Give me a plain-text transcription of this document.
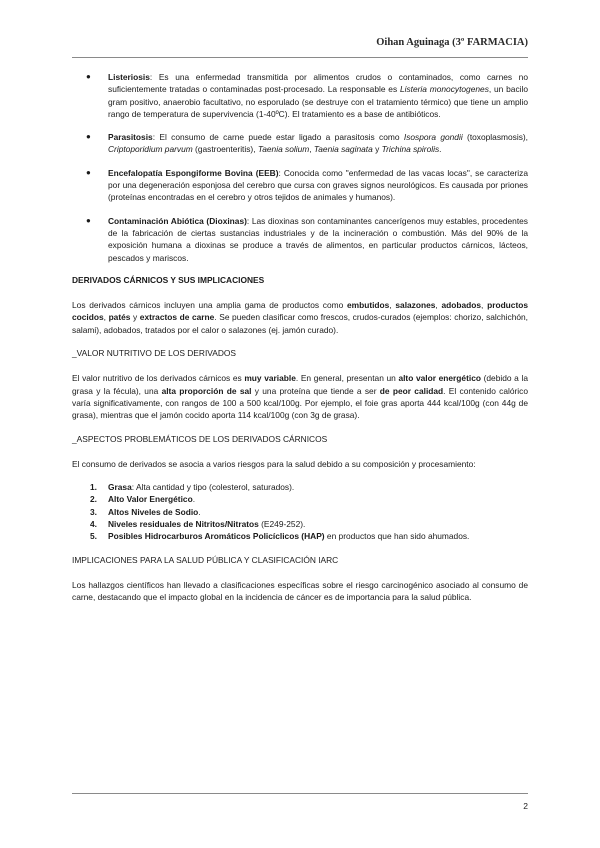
Oihan Aguinaga (3º FARMACIA)
● Listeriosis: Es una enfermedad transmitida por alimentos crudos o contaminados, como carnes no suficientemente tratadas o contaminadas post-procesado. La responsable es Listeria monocytogenes, un bacilo gram positivo, anaerobio facultativo, no esporulado (se destruye con el tratamiento térmico) que tiene un amplio rango de temperatura de supervivencia (1-40ºC). El tratamiento es a base de antibióticos.
● Parasitosis: El consumo de carne puede estar ligado a parasitosis como Isospora gondii (toxoplasmosis), Criptoporidium parvum (gastroenteritis), Taenia solium, Taenia saginata y Trichina spirolis.
● Encefalopatía Espongiforme Bovina (EEB): Conocida como "enfermedad de las vacas locas", se caracteriza por una degeneración esponjosa del cerebro que cursa con graves signos neurológicos. Es causada por priones (proteínas encontradas en el cerebro y otros tejidos de animales y humanos).
● Contaminación Abiótica (Dioxinas): Las dioxinas son contaminantes cancerígenos muy estables, procedentes de la fabricación de ciertas sustancias industriales y de la incineración o combustión. Más del 90% de la exposición humana a dioxinas se produce a través de alimentos, en particular productos cárnicos, lácteos, pescados y mariscos.
DERIVADOS CÁRNICOS Y SUS IMPLICACIONES

Los derivados cárnicos incluyen una amplia gama de productos como embutidos, salazones, adobados, productos cocidos, patés y extractos de carne. Se pueden clasificar como frescos, crudos-curados (ejemplos: chorizo, salchichón, salami), adobados, tratados por el calor o salazones (ej. jamón curado).

_VALOR NUTRITIVO DE LOS DERIVADOS

El valor nutritivo de los derivados cárnicos es muy variable. En general, presentan un alto valor energético (debido a la grasa y la fécula), una alta proporción de sal y una proteína que tiende a ser de peor calidad. El contenido calórico varía significativamente, con rangos de 100 a 500 kcal/100g. Por ejemplo, el foie gras aporta 444 kcal/100g (con 44g de grasa), mientras que el jamón cocido aporta 114 kcal/100g (con 3g de grasa).

_ASPECTOS PROBLEMÁTICOS DE LOS DERIVADOS CÁRNICOS

El consumo de derivados se asocia a varios riesgos para la salud debido a su composición y procesamiento:

1. Grasa: Alta cantidad y tipo (colesterol, saturados).
2. Alto Valor Energético.
3. Altos Niveles de Sodio.
4. Niveles residuales de Nitritos/Nitratos (E249-252).
5. Posibles Hidrocarburos Aromáticos Policíclicos (HAP) en productos que han sido ahumados.
IMPLICACIONES PARA LA SALUD PÚBLICA Y CLASIFICACIÓN IARC

Los hallazgos científicos han llevado a clasificaciones específicas sobre el riesgo carcinogénico asociado al consumo de carne, destacando que el impacto global en la incidencia de cáncer es de importancia para la salud pública.

2
